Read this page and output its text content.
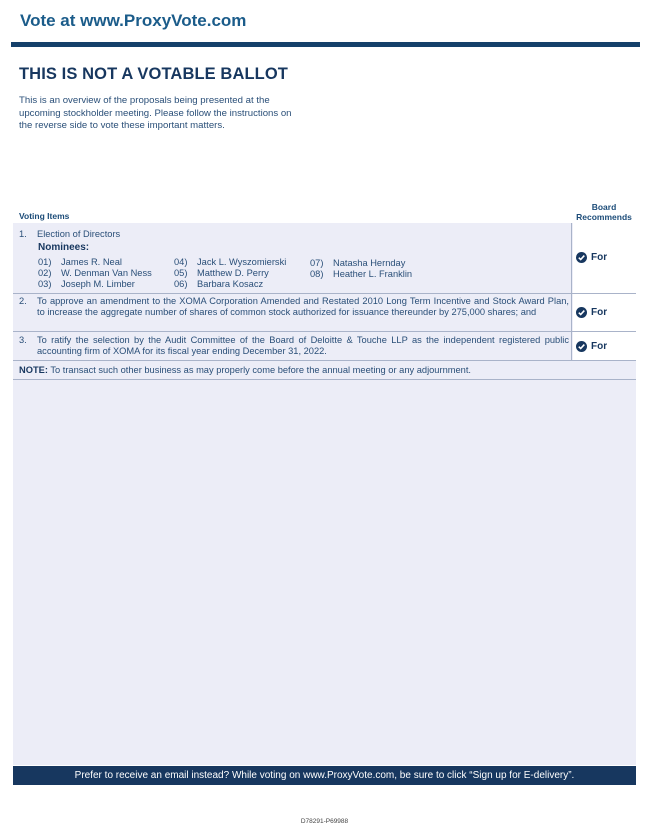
Vote at www.ProxyVote.com
THIS IS NOT A VOTABLE BALLOT
This is an overview of the proposals being presented at the
upcoming stockholder meeting. Please follow the instructions on
the reverse side to vote these important matters.
Voting Items
Board
Recommends
1. Election of Directors
Nominees:
01) James R. Neal
02) W. Denman Van Ness
03) Joseph M. Limber
04) Jack L. Wyszomierski
05) Matthew D. Perry
06) Barbara Kosacz
07) Natasha Hernday
08) Heather L. Franklin
For
2. To approve an amendment to the XOMA Corporation Amended and Restated 2010 Long Term Incentive and Stock Award Plan, to increase the aggregate number of shares of common stock authorized for issuance thereunder by 275,000 shares; and	For
3. To ratify the selection by the Audit Committee of the Board of Deloitte & Touche LLP as the independent registered public accounting firm of XOMA for its fiscal year ending December 31, 2022.	For
NOTE: To transact such other business as may properly come before the annual meeting or any adjournment.
Prefer to receive an email instead? While voting on www.ProxyVote.com, be sure to click “Sign up for E-delivery”.
D78291-P69988
